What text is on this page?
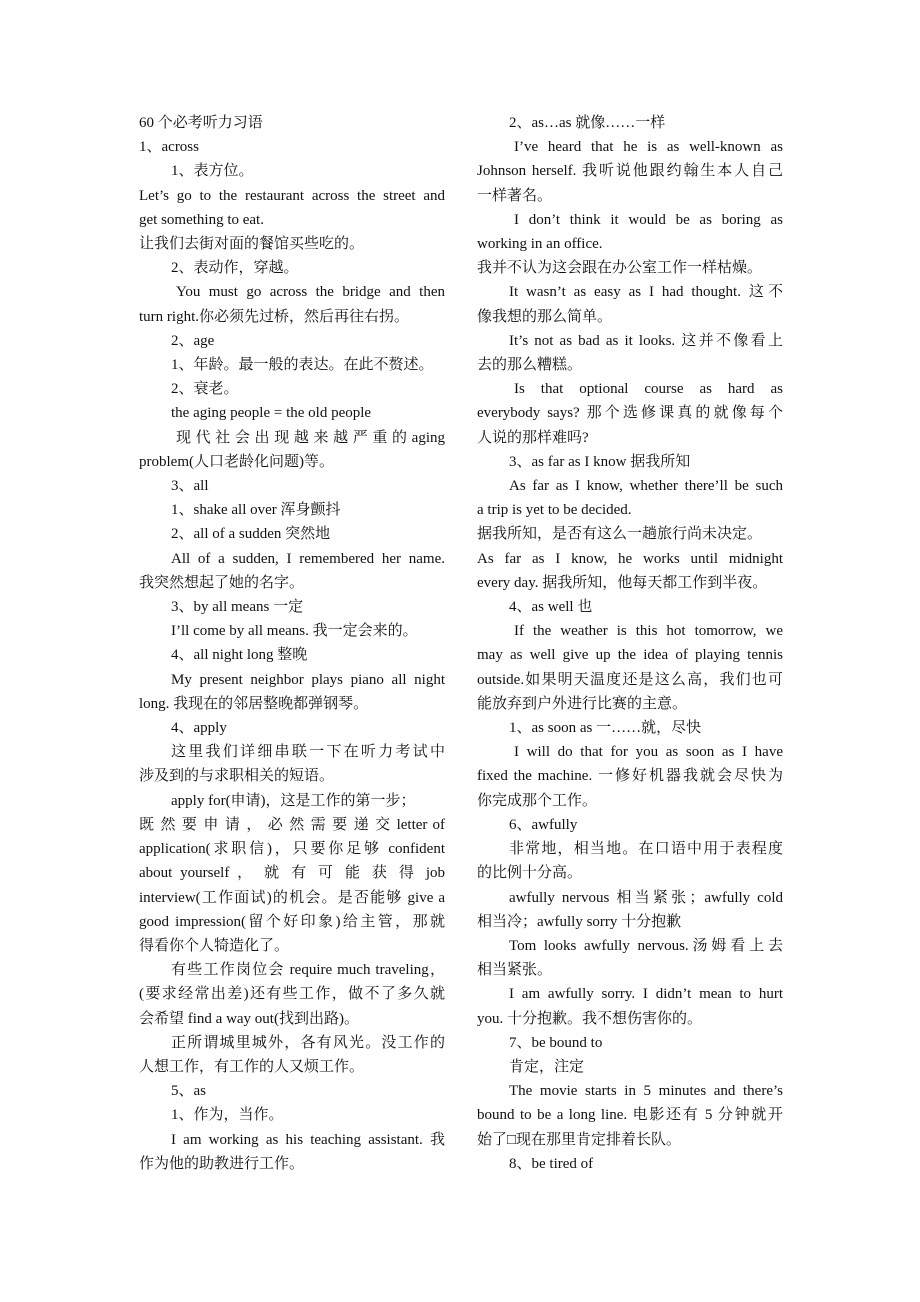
60 个必考听力习语

1、across

1、表方位。

Let’s go to the restaurant across the street and

get something to eat.

让我们去街对面的餐馆买些吃的。

2、表动作，穿越。

You must go across the bridge and then

turn right.你必须先过桥，然后再往右拐。

2、age

1、年龄。最一般的表达。在此不赘述。

2、衰老。

the aging people = the old people

现 代 社 会 出 现 越 来 越 严 重 的 aging

problem(人口老龄化问题)等。

3、all

1、shake all over 浑身颤抖

2、all of a sudden 突然地

All of a sudden, I remembered her name.

我突然想起了她的名字。

3、by all means 一定

I’ll come by all means. 我一定会来的。

4、all night long 整晚

My present neighbor plays piano all night

long. 我现在的邻居整晚都弹钢琴。

4、apply

这里我们详细串联一下在听力考试中

涉及到的与求职相关的短语。

apply for(申请)，这是工作的第一步；

既 然 要 申 请 ， 必 然 需 要 递 交 letter of

application(求职信)，只要你足够 confident

about yourself ， 就 有 可 能 获 得 job

interview(工作面试)的机会。是否能够 give a

good impression(留个好印象)给主管，那就

得看你个人犄造化了。

有些工作岗位会 require much traveling，

(要求经常出差)还有些工作，做不了多久就

会希望 find a way out(找到出路)。

正所谓城里城外，各有风光。没工作的

人想工作，有工作的人又烦工作。

5、as

1、作为，当作。

I am working as his teaching assistant. 我

作为他的助教进行工作。

2、as…as 就像……一样

I’ve heard that he is as well-known as

Johnson herself. 我听说他跟约翰生本人自己

一样著名。

I don’t think it would be as boring as

working in an office.

我并不认为这会跟在办公室工作一样枯燥。

It wasn’t as easy as I had thought. 这不

像我想的那么简单。

It’s not as bad as it looks. 这并不像看上

去的那么糟糕。

Is that optional course as hard as

everybody says? 那个选修课真的就像每个

人说的那样难吗?

3、as far as I know 据我所知

As far as I know, whether there’ll be such

a trip is yet to be decided.

据我所知，是否有这么一趟旅行尚未决定。

As far as I know, he works until midnight

every day. 据我所知，他每天都工作到半夜。

4、as well 也

If the weather is this hot tomorrow, we

may as well give up the idea of playing tennis

outside.如果明天温度还是这么高，我们也可

能放弃到户外进行比赛的主意。

1、as soon as 一……就，尽快

I will do that for you as soon as I have

fixed the machine. 一修好机器我就会尽快为

你完成那个工作。

6、awfully

非常地，相当地。在口语中用于表程度

的比例十分高。

awfully nervous 相当紧张；awfully cold

相当冷；awfully sorry 十分抱歉

Tom looks awfully nervous.汤姆看上去

相当紧张。

I am awfully sorry. I didn’t mean to hurt

you. 十分抱歉。我不想伤害你的。

7、be bound to

肯定，注定

The movie starts in 5 minutes and there’s

bound to be a long line. 电影还有 5 分钟就开

始了□现在那里肯定排着长队。

8、be tired of
